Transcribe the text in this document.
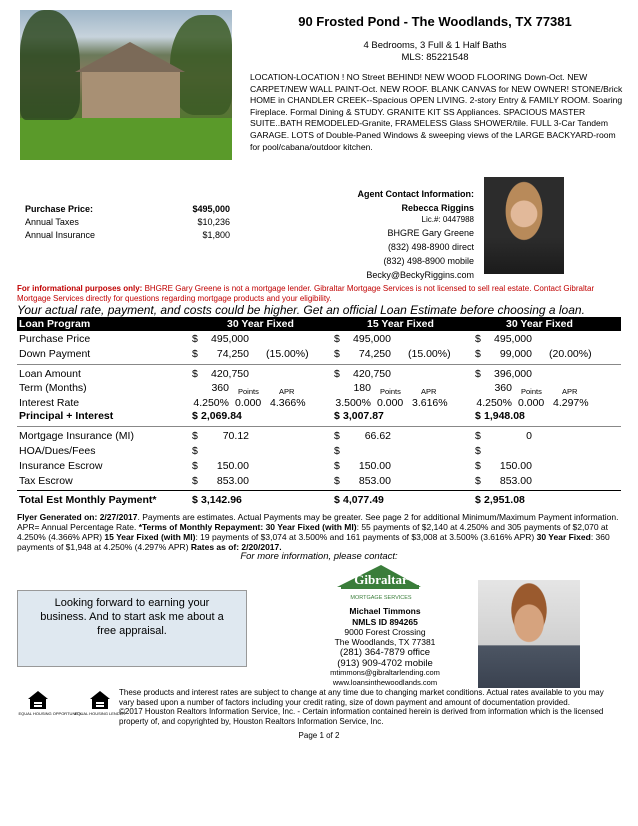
90 Frosted Pond - The Woodlands, TX 77381
4 Bedrooms, 3 Full & 1 Half Baths
MLS: 85221548
LOCATION-LOCATION ! NO Street BEHIND! NEW WOOD FLOORING Down-Oct. NEW CARPET/NEW WALL PAINT-Oct. NEW ROOF. BLANK CANVAS for NEW OWNER! STONE/Brick HOME in CHANDLER CREEK--Spacious OPEN LIVING. 2-story Entry & FAMILY ROOM. Soaring Fireplace. Formal Dining & STUDY. GRANITE KIT SS Appliances. SPACIOUS MASTER SUITE..BATH REMODELED-Granite, FRAMELESS Glass SHOWER/tile. FULL 3-Car Tandem GARAGE. LOTS of Double-Paned Windows & sweeping views of the LARGE BACKYARD-room for pool/cabana/outdoor kitchen.
Purchase Price:	$495,000
Annual Taxes	$10,236
Annual Insurance	$1,800
Agent Contact Information:
Rebecca Riggins
Lic.#: 0447988
BHGRE Gary Greene
(832) 498-8900 direct
(832) 498-8900 mobile
Becky@BeckyRiggins.com
For informational purposes only: BHGRE Gary Greene is not a mortgage lender. Gibraltar Mortgage Services is not licensed to sell real estate. Contact Gibraltar Mortgage Services directly for questions regarding mortgage products and your eligibility.
Your actual rate, payment, and costs could be higher. Get an official Loan Estimate before choosing a loan.
Loan Program	30 Year Fixed	15 Year Fixed	30 Year Fixed
Purchase Price	$	495,000	$	495,000	$	495,000
Down Payment	$	74,250 (15.00%) $	74,250 (15.00%) $	99,000 (20.00%)
Loan Amount	$	420,750	$	420,750	$	396,000
Term (Months)	360 Points	APR	180 Points	APR	360 Points	APR
Interest Rate	4.250% 0.000 4.366%	3.500% 0.000 3.616%	4.250% 0.000 4.297%
Principal + Interest	$ 2,069.84	$ 3,007.87	$ 1,948.08
Mortgage Insurance (MI)	$	70.12	$	66.62	$	0
HOA/Dues/Fees	$	$	$
Insurance Escrow	$	150.00	$	150.00	$	150.00
Tax Escrow	$	853.00	$	853.00	$	853.00
Total Est Monthly Payment*	$ 3,142.96	$ 4,077.49	$ 2,951.08
Flyer Generated on: 2/27/2017. Payments are estimates. Actual Payments may be greater. See page 2 for additional Minimum/Maximum Payment information. APR= Annual Percentage Rate. *Terms of Monthly Repayment: 30 Year Fixed (with MI): 55 payments of $2,140 at 4.250% and 305 payments of $2,070 at 4.250% (4.366% APR) 15 Year Fixed (with MI): 19 payments of $3,074 at 3.500% and 161 payments of $3,008 at 3.500% (3.616% APR) 30 Year Fixed: 360 payments of $1,948 at 4.250% (4.297% APR) Rates as of: 2/20/2017.
For more information, please contact:
Looking forward to earning your business. And to start ask me about a free appraisal.
Gibraltar
MORTGAGE SERVICES
Michael Timmons
NMLS ID 894265
9000 Forest Crossing
The Woodlands, TX 77381
(281) 364-7879 office
(913) 909-4702 mobile
mtimmons@gibraltarlending.com
www.loansinthewoodlands.com
EQUAL HOUSING OPPORTUNITY
EQUAL HOUSING LENDER
These products and interest rates are subject to change at any time due to changing market conditions. Actual rates available to you may vary based upon a number of factors including your credit rating, size of down payment and amount of documentation provided.
©2017 Houston Realtors Information Service, Inc. - Certain information contained herein is derived from information which is the licensed property of, and copyrighted by, Houston Realtors Information Service, Inc.
Page 1 of 2
